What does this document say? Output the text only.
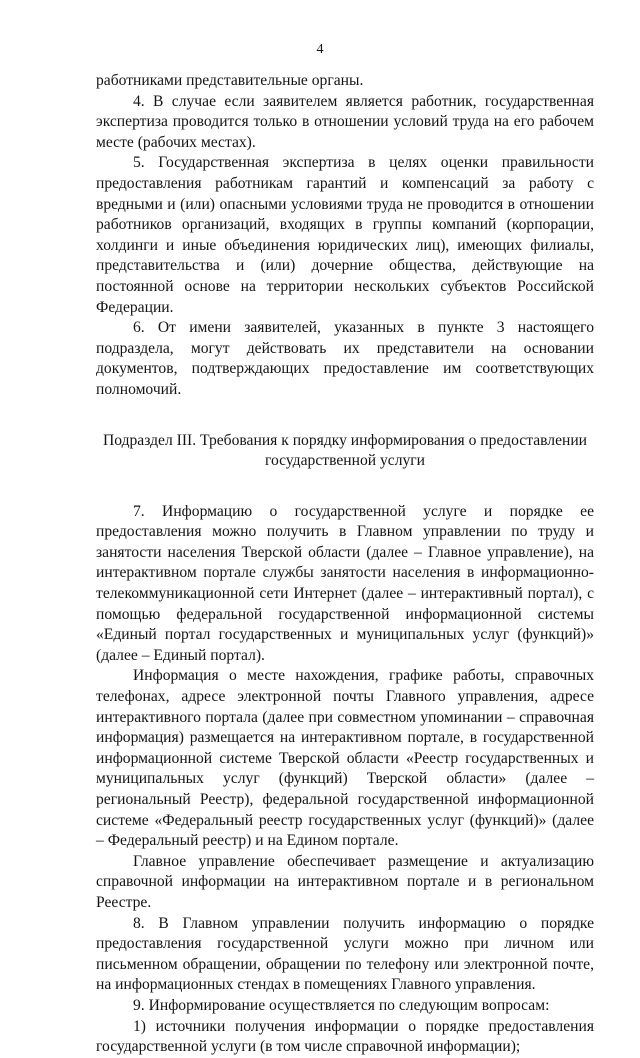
4

работниками представительные органы.

4. В случае если заявителем является работник, государственная экспертиза проводится только в отношении условий труда на его рабочем месте (рабочих местах).

5. Государственная экспертиза в целях оценки правильности предоставления работникам гарантий и компенсаций за работу с вредными и (или) опасными условиями труда не проводится в отношении работников организаций, входящих в группы компаний (корпорации, холдинги и иные объединения юридических лиц), имеющих филиалы, представительства и (или) дочерние общества, действующие на постоянной основе на территории нескольких субъектов Российской Федерации.

6. От имени заявителей, указанных в пункте 3 настоящего подраздела, могут действовать их представители на основании документов, подтверждающих предоставление им соответствующих полномочий.

Подраздел III. Требования к порядку информирования о предоставлении государственной услуги

7. Информацию о государственной услуге и порядке ее предоставления можно получить в Главном управлении по труду и занятости населения Тверской области (далее – Главное управление), на интерактивном портале службы занятости населения в информационно-телекоммуникационной сети Интернет (далее – интерактивный портал), с помощью федеральной государственной информационной системы «Единый портал государственных и муниципальных услуг (функций)» (далее – Единый портал).

Информация о месте нахождения, графике работы, справочных телефонах, адресе электронной почты Главного управления, адресе интерактивного портала (далее при совместном упоминании – справочная информация) размещается на интерактивном портале, в государственной информационной системе Тверской области «Реестр государственных и муниципальных услуг (функций) Тверской области» (далее – региональный Реестр), федеральной государственной информационной системе «Федеральный реестр государственных услуг (функций)» (далее – Федеральный реестр) и на Едином портале.

Главное управление обеспечивает размещение и актуализацию справочной информации на интерактивном портале и в региональном Реестре.

8. В Главном управлении получить информацию о порядке предоставления государственной услуги можно при личном или письменном обращении, обращении по телефону или электронной почте, на информационных стендах в помещениях Главного управления.

9. Информирование осуществляется по следующим вопросам:

1) источники получения информации о порядке предоставления государственной услуги (в том числе справочной информации);
